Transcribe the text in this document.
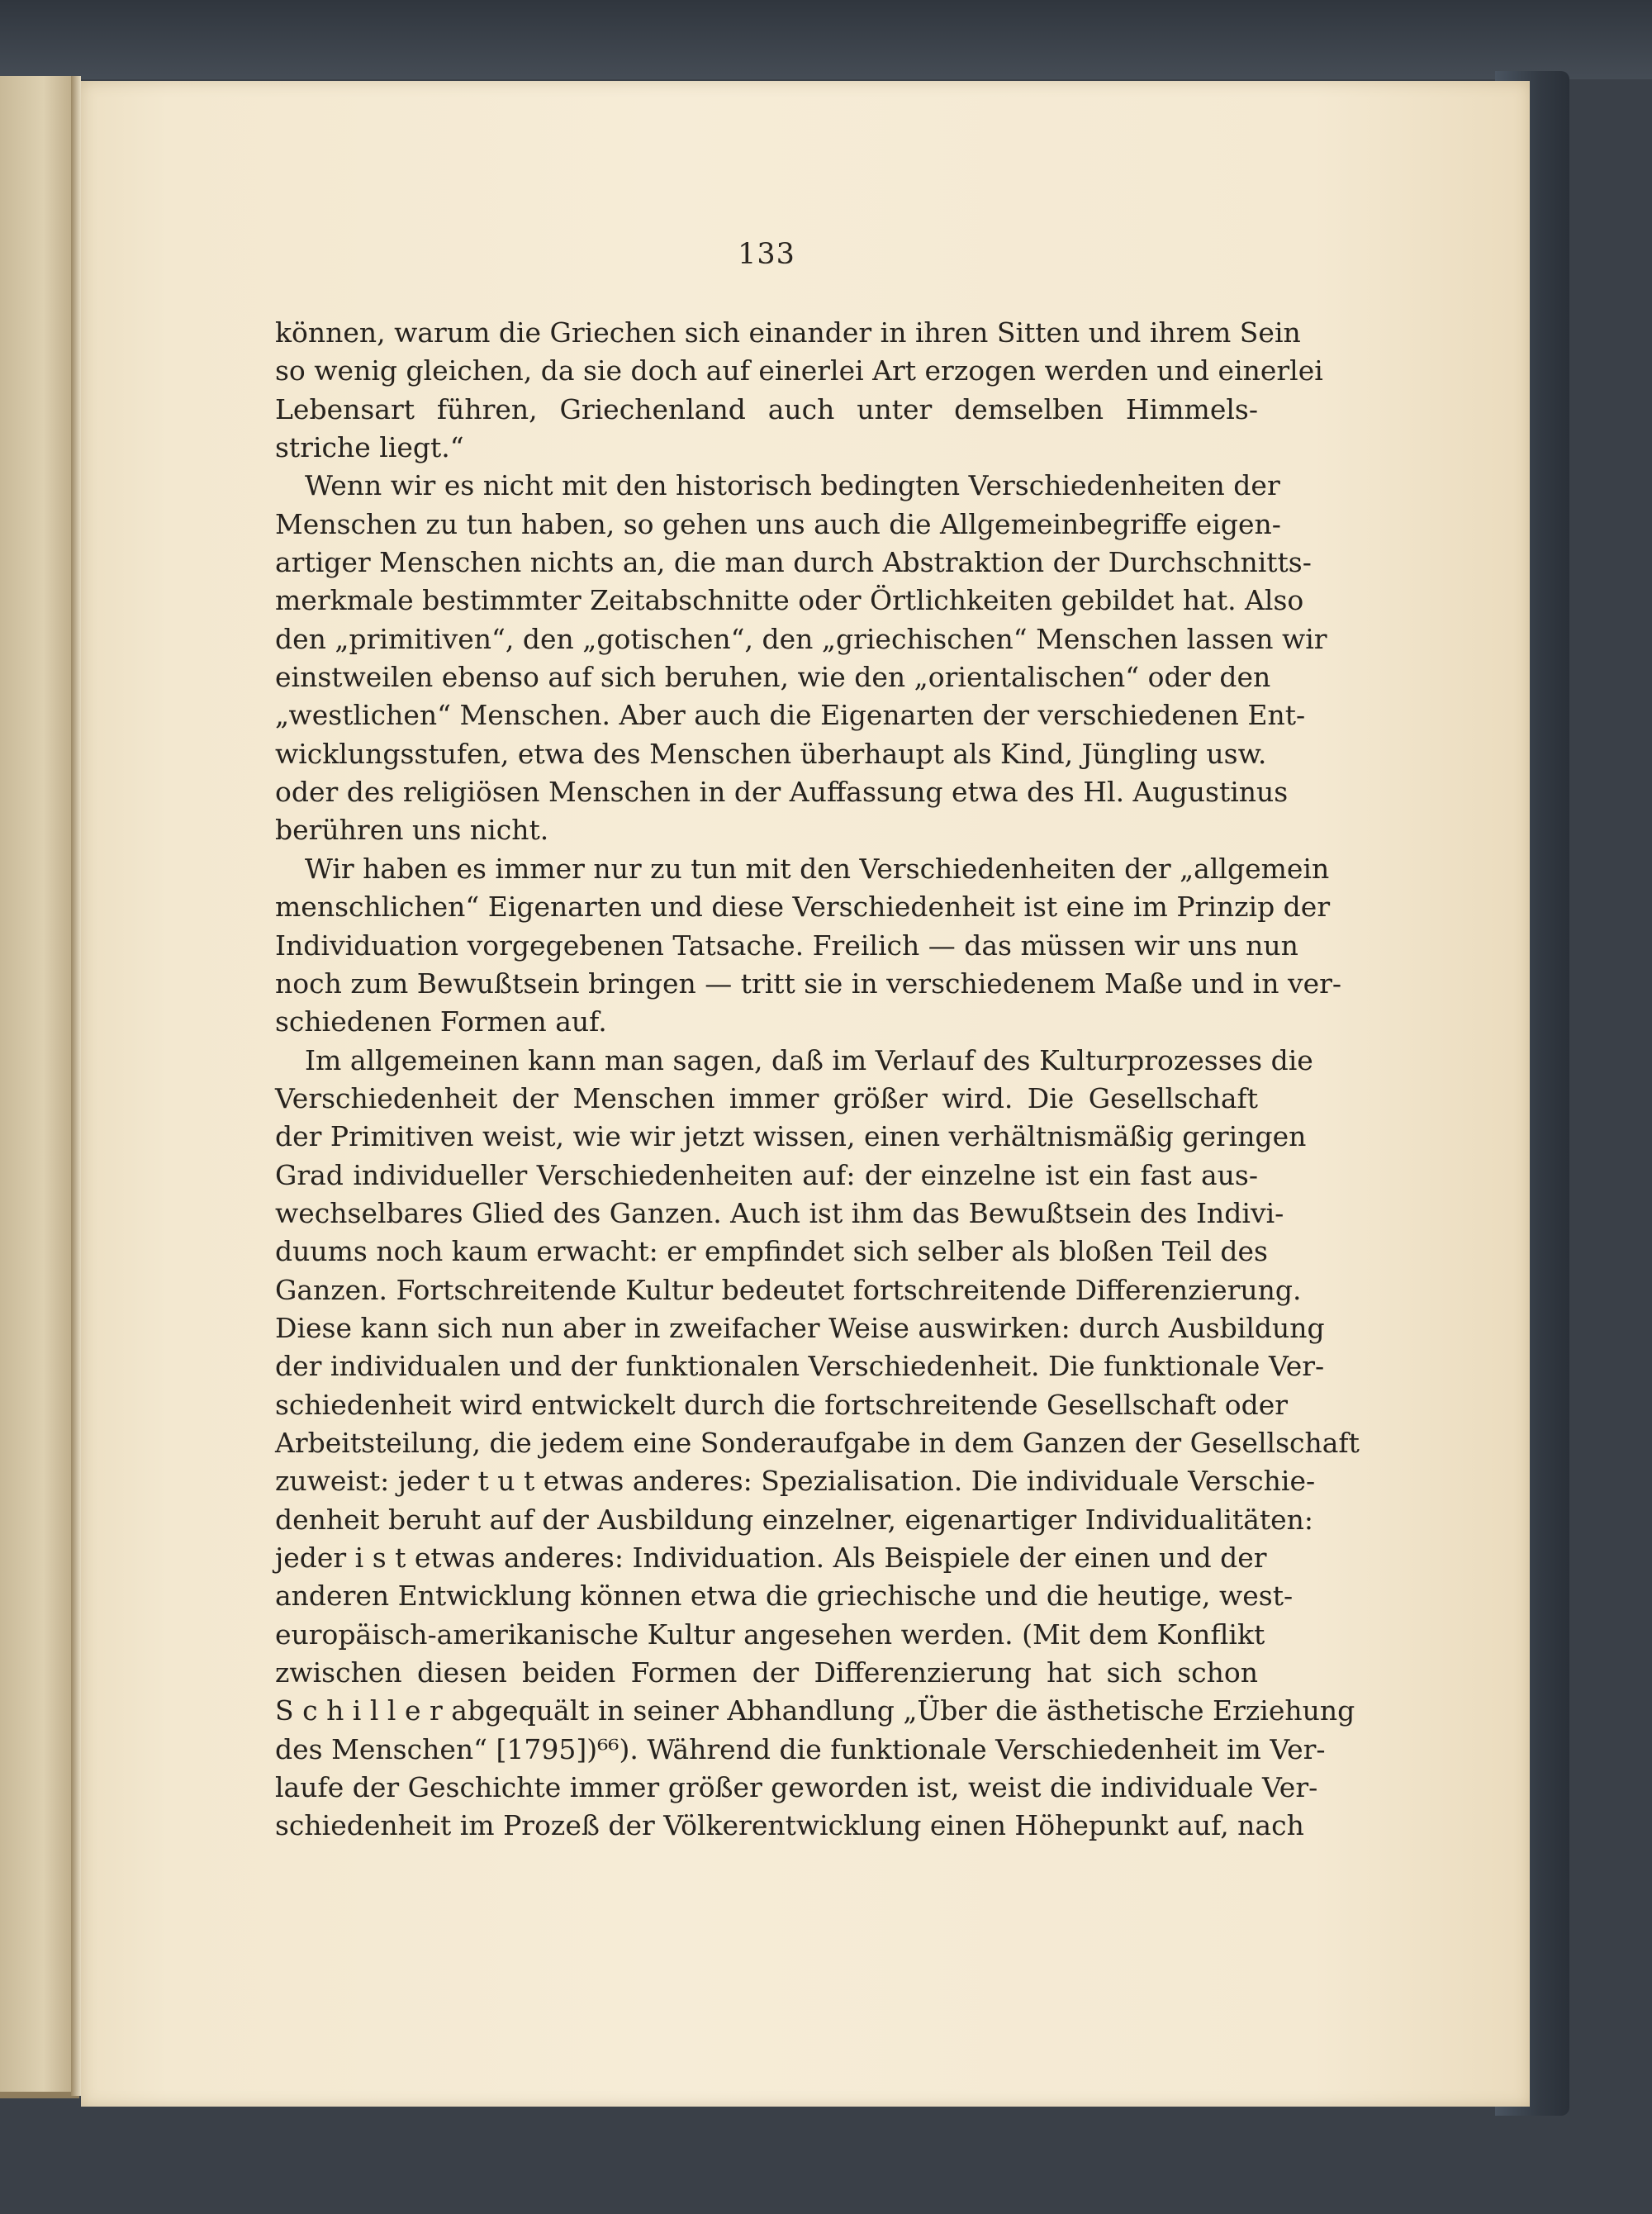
133
können, warum die Griechen sich einander in ihren Sitten und ihrem Sein
so wenig gleichen, da sie doch auf einerlei Art erzogen werden und einerlei
Lebensart führen, Griechenland auch unter demselben Himmels-
striche liegt.“
Wenn wir es nicht mit den historisch bedingten Verschiedenheiten der
Menschen zu tun haben, so gehen uns auch die Allgemeinbegriffe eigen-
artiger Menschen nichts an, die man durch Abstraktion der Durchschnitts-
merkmale bestimmter Zeitabschnitte oder Örtlichkeiten gebildet hat. Also
den „primitiven“, den „gotischen“, den „griechischen“ Menschen lassen wir
einstweilen ebenso auf sich beruhen, wie den „orientalischen“ oder den
„westlichen“ Menschen. Aber auch die Eigenarten der verschiedenen Ent-
wicklungsstufen, etwa des Menschen überhaupt als Kind, Jüngling usw.
oder des religiösen Menschen in der Auffassung etwa des Hl. Augustinus
berühren uns nicht.
Wir haben es immer nur zu tun mit den Verschiedenheiten der „allgemein
menschlichen“ Eigenarten und diese Verschiedenheit ist eine im Prinzip der
Individuation vorgegebenen Tatsache. Freilich — das müssen wir uns nun
noch zum Bewußtsein bringen — tritt sie in verschiedenem Maße und in ver-
schiedenen Formen auf.
Im allgemeinen kann man sagen, daß im Verlauf des Kulturprozesses die
Verschiedenheit der Menschen immer größer wird. Die Gesellschaft
der Primitiven weist, wie wir jetzt wissen, einen verhältnismäßig geringen
Grad individueller Verschiedenheiten auf: der einzelne ist ein fast aus-
wechselbares Glied des Ganzen. Auch ist ihm das Bewußtsein des Indivi-
duums noch kaum erwacht: er empfindet sich selber als bloßen Teil des
Ganzen. Fortschreitende Kultur bedeutet fortschreitende Differenzierung.
Diese kann sich nun aber in zweifacher Weise auswirken: durch Ausbildung
der individualen und der funktionalen Verschiedenheit. Die funktionale Ver-
schiedenheit wird entwickelt durch die fortschreitende Gesellschaft oder
Arbeitsteilung, die jedem eine Sonderaufgabe in dem Ganzen der Gesellschaft
zuweist: jeder t u t etwas anderes: Spezialisation. Die individuale Verschie-
denheit beruht auf der Ausbildung einzelner, eigenartiger Individualitäten:
jeder i s t etwas anderes: Individuation. Als Beispiele der einen und der
anderen Entwicklung können etwa die griechische und die heutige, west-
europäisch-amerikanische Kultur angesehen werden. (Mit dem Konflikt
zwischen diesen beiden Formen der Differenzierung hat sich schon
S c h i l l e r abgequält in seiner Abhandlung „Über die ästhetische Erziehung
des Menschen“ [1795])⁶⁶). Während die funktionale Verschiedenheit im Ver-
laufe der Geschichte immer größer geworden ist, weist die individuale Ver-
schiedenheit im Prozeß der Völkerentwicklung einen Höhepunkt auf, nach
